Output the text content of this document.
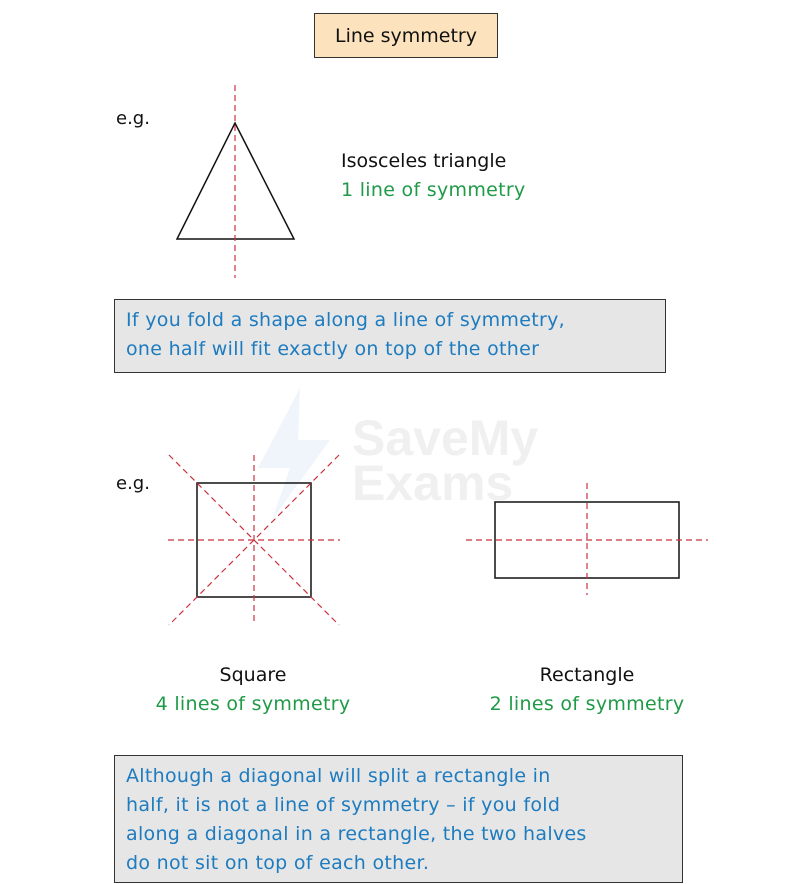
Line symmetry
SaveMy
Exams
e.g.
Isosceles triangle
1 line of symmetry
If you fold a shape along a line of symmetry,
one half will fit exactly on top of the other
e.g.
Square
4 lines of symmetry
Rectangle
2 lines of symmetry
Although a diagonal will split a rectangle in
half, it is not a line of symmetry – if you fold
along a diagonal in a rectangle, the two halves
do not sit on top of each other.
